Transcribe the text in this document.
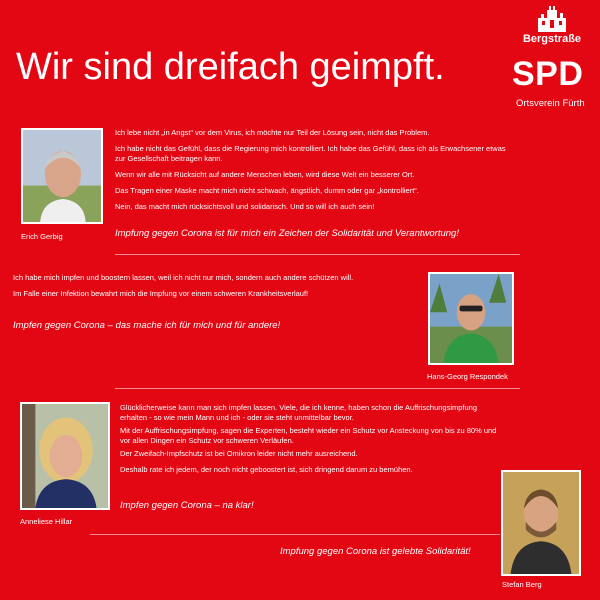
Wir sind dreifach geimpft.
Bergstraße
SPD
Ortsverein Fürth
Erich Gerbig

Ich lebe nicht „in Angst“ vor dem Virus, ich möchte nur Teil der Lösung sein, nicht das Problem.

Ich habe nicht das Gefühl, dass die Regierung mich kontrolliert. Ich habe das Gefühl, dass ich als Erwachsener etwas zur Gesellschaft beitragen kann.

Wenn wir alle mit Rücksicht auf andere Menschen leben, wird diese Welt ein besserer Ort.

Das Tragen einer Maske macht mich nicht schwach, ängstlich, dumm oder gar „kontrolliert“.

Nein, das macht mich rücksichtsvoll und solidarisch. Und so will ich auch sein!

Impfung gegen Corona ist für mich ein Zeichen der Solidarität und Verantwortung!

Ich habe mich impfen und boostern lassen, weil ich nicht nur mich, sondern auch andere schützen will.

Im Falle einer Infektion bewahrt mich die Impfung vor einem schweren Krankheitsverlauf!

Impfen gegen Corona – das mache ich für mich und für andere!
Hans-Georg Respondek
Anneliese Hillar

Glücklicherweise kann man sich impfen lassen. Viele, die ich kenne, haben schon die Auffrischungsimpfung erhalten - so wie mein Mann und ich - oder sie steht unmittelbar bevor.

Mit der Auffrischungsimpfung, sagen die Experten, besteht wieder ein Schutz vor Ansteckung von bis zu 80% und vor allen Dingen ein Schutz vor schweren Verläufen.

Der Zweifach-Impfschutz ist bei Omikron leider nicht mehr ausreichend.

Deshalb rate ich jedem, der noch nicht geboostert ist, sich dringend darum zu bemühen.

Impfen gegen Corona – na klar!
Impfung gegen Corona ist gelebte Solidarität!
Stefan Berg
